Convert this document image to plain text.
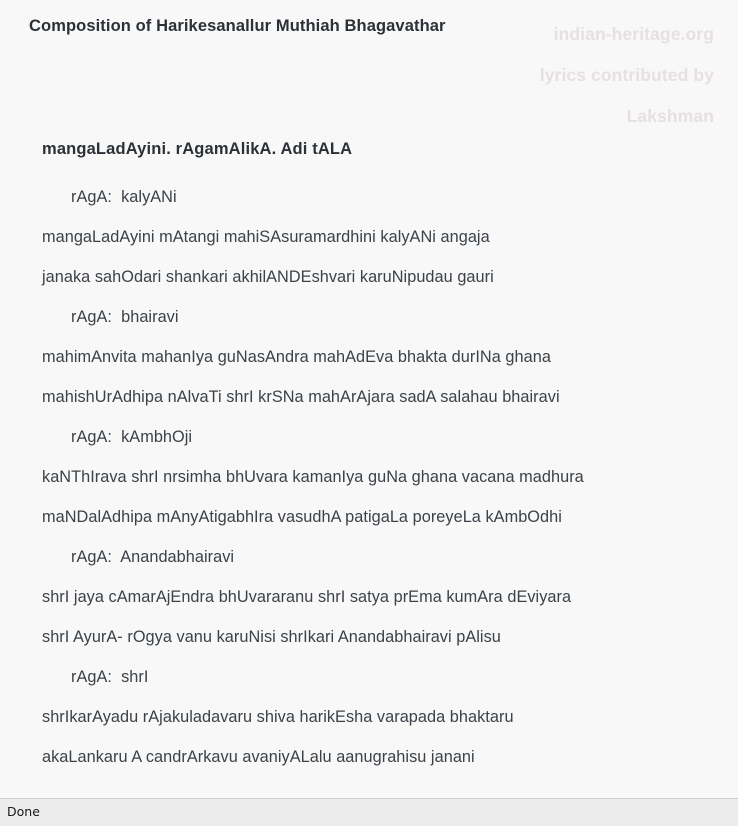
indian-heritage.org
lyrics contributed by
Lakshman
Composition of Harikesanallur Muthiah Bhagavathar
mangaLadAyini. rAgamAlikA. Adi tALA
rAgA:  kalyANi
mangaLadAyini mAtangi mahiSAsuramardhini kalyANi angaja
janaka sahOdari shankari akhilANDEshvari karuNipudau gauri
rAgA:  bhairavi
mahimAnvita mahanIya guNasAndra mahAdEva bhakta durINa ghana
mahishUrAdhipa nAlvaTi shrI krSNa mahArAjara sadA salahau bhairavi
rAgA:  kAmbhOji
kaNThIrava shrI nrsimha bhUvara kamanIya guNa ghana vacana madhura
maNDalAdhipa mAnyAtigabhIra vasudhA patigaLa poreyeLa kAmbOdhi
rAgA:  Anandabhairavi
shrI jaya cAmarAjEndra bhUvararanu shrI satya prEma kumAra dEviyara
shrI AyurA- rOgya vanu karuNisi shrIkari Anandabhairavi pAlisu
rAgA:  shrI
shrIkarAyadu rAjakuladavaru shiva harikEsha varapada bhaktaru
akaLankaru A candrArkavu avaniyALalu aanugrahisu janani
Done
